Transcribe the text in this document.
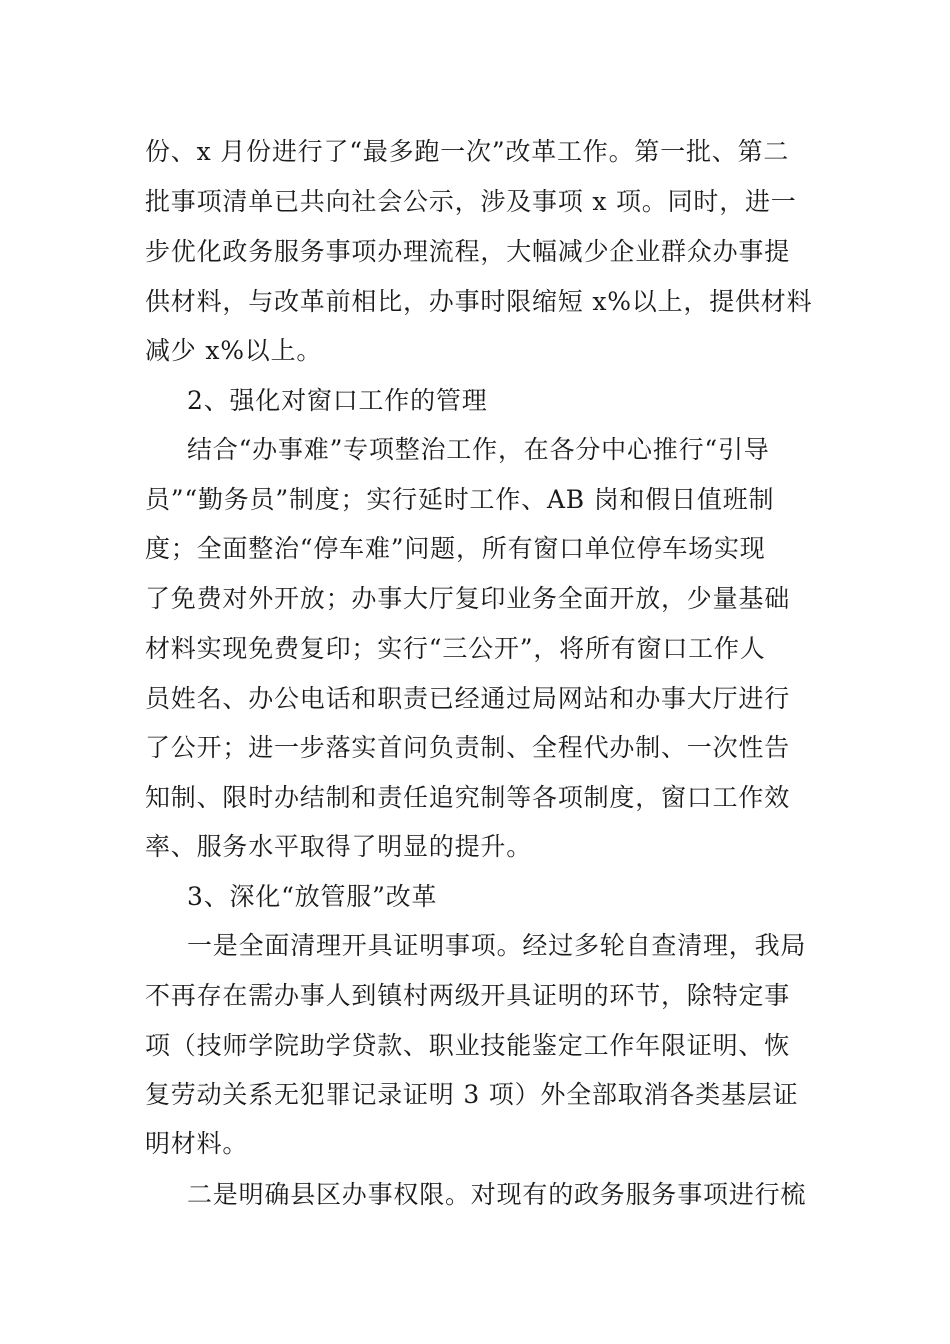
份、x 月份进行了“最多跑一次”改革工作。第一批、第二
批事项清单已共向社会公示，涉及事项 x 项。同时，进一
步优化政务服务事项办理流程，大幅减少企业群众办事提
供材料，与改革前相比，办事时限缩短 x%以上，提供材料
减少 x%以上。
2、强化对窗口工作的管理
结合“办事难”专项整治工作，在各分中心推行“引导
员”“勤务员”制度；实行延时工作、AB 岗和假日值班制
度；全面整治“停车难”问题，所有窗口单位停车场实现
了免费对外开放；办事大厅复印业务全面开放，少量基础
材料实现免费复印；实行“三公开”，将所有窗口工作人
员姓名、办公电话和职责已经通过局网站和办事大厅进行
了公开；进一步落实首问负责制、全程代办制、一次性告
知制、限时办结制和责任追究制等各项制度，窗口工作效
率、服务水平取得了明显的提升。
3、深化“放管服”改革
一是全面清理开具证明事项。经过多轮自查清理，我局
不再存在需办事人到镇村两级开具证明的环节，除特定事
项（技师学院助学贷款、职业技能鉴定工作年限证明、恢
复劳动关系无犯罪记录证明 3 项）外全部取消各类基层证
明材料。
二是明确县区办事权限。对现有的政务服务事项进行梳
